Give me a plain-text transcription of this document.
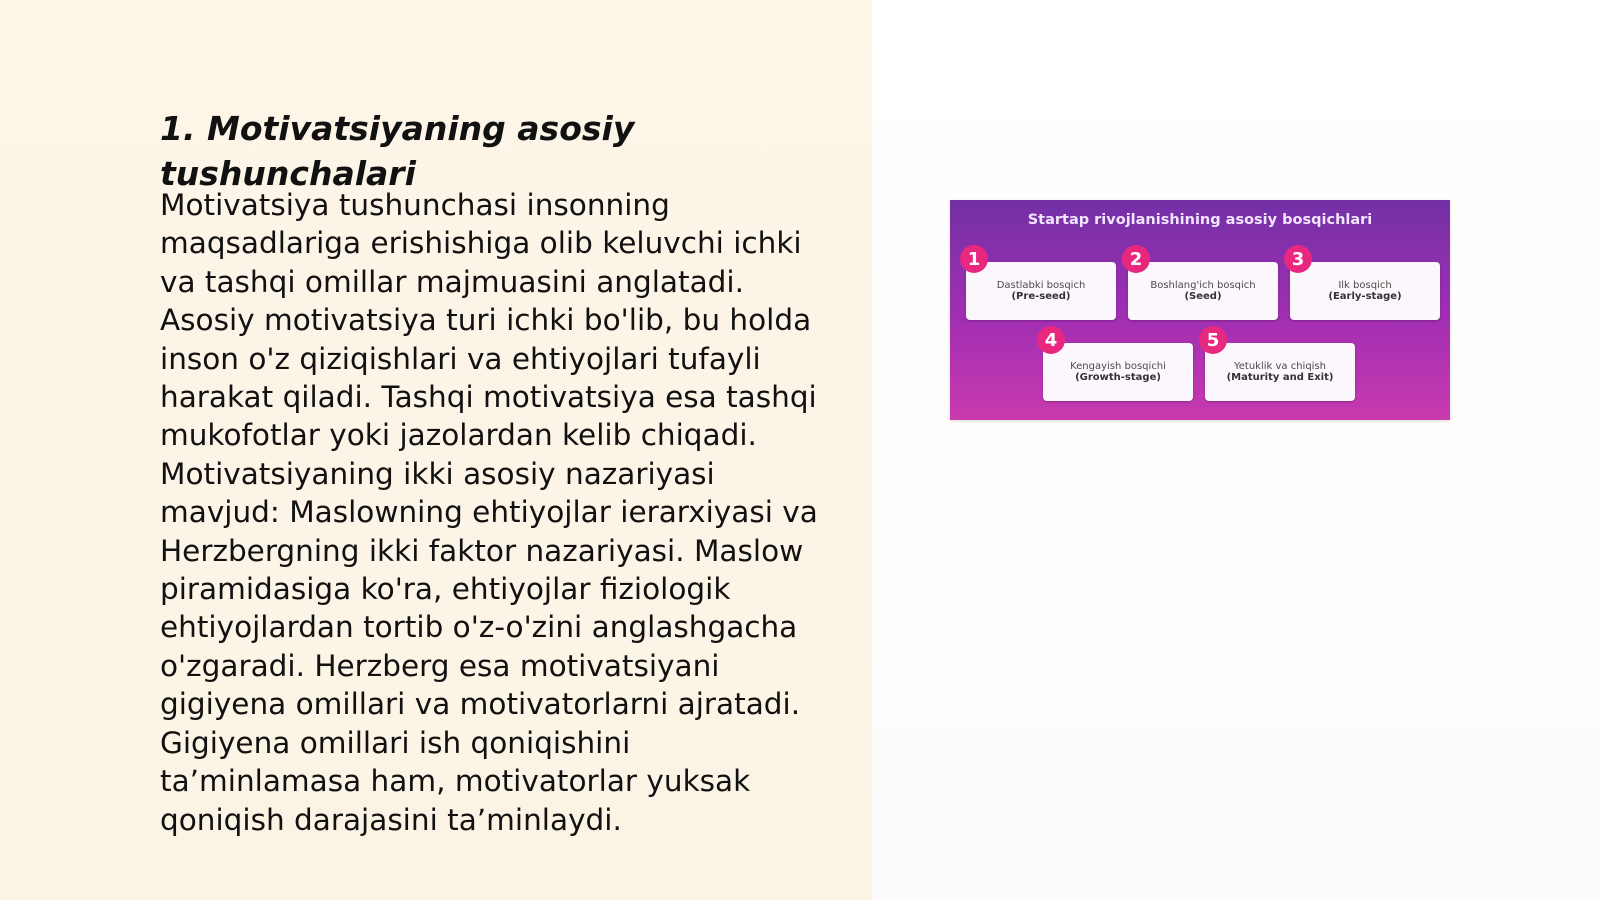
1. Motivatsiyaning asosiy tushunchalari

Motivatsiya tushunchasi insonning maqsadlariga erishishiga olib keluvchi ichki va tashqi omillar majmuasini anglatadi. Asosiy motivatsiya turi ichki bo'lib, bu holda inson o'z qiziqishlari va ehtiyojlari tufayli harakat qiladi. Tashqi motivatsiya esa tashqi mukofotlar yoki jazolardan kelib chiqadi. Motivatsiyaning ikki asosiy nazariyasi mavjud: Maslowning ehtiyojlar ierarxiyasi va Herzbergning ikki faktor nazariyasi. Maslow piramidasiga ko'ra, ehtiyojlar fiziologik ehtiyojlardan tortib o'z-o'zini anglashgacha o'zgaradi. Herzberg esa motivatsiyani gigiyena omillari va motivatorlarni ajratadi. Gigiyena omillari ish qoniqishini ta’minlamasa ham, motivatorlar yuksak qoniqish darajasini ta’minlaydi.

Startap rivojlanishining asosiy bosqichlari
Dastlabki bosqich
(Pre-seed)
Boshlang'ich bosqich
(Seed)
Ilk bosqich
(Early-stage)
Kengayish bosqichi
(Growth-stage)
Yetuklik va chiqish
(Maturity and Exit)
1	2	3
4	5
